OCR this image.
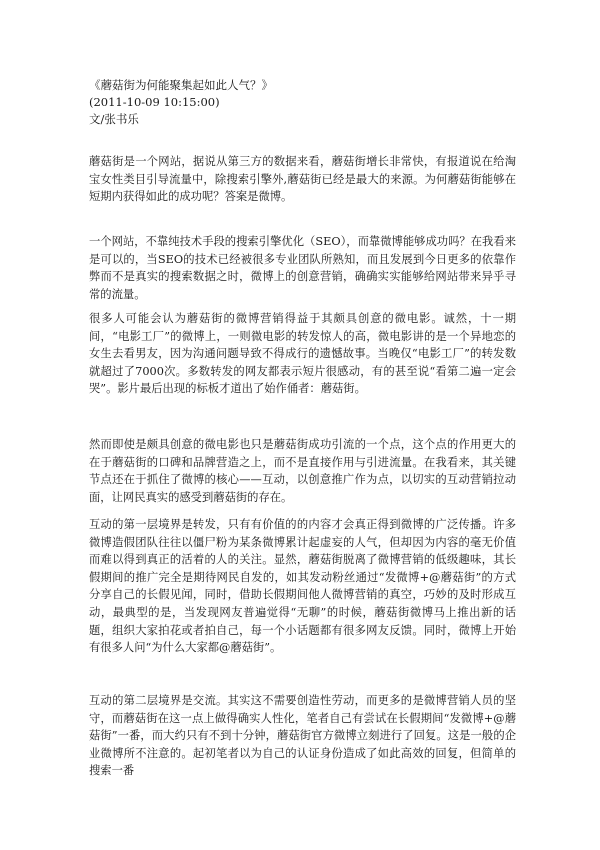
《蘑菇街为何能聚集起如此人气？》
(2011-10-09 10:15:00)
文/张书乐
蘑菇街是一个网站，据说从第三方的数据来看，蘑菇街增长非常快，有报道说在给淘宝女性类目引导流量中，除搜索引擎外,蘑菇街已经是最大的来源。为何蘑菇街能够在短期内获得如此的成功呢？答案是微博。
一个网站，不靠纯技术手段的搜索引擎优化（SEO），而靠微博能够成功吗？在我看来是可以的，当SEO的技术已经被很多专业团队所熟知，而且发展到今日更多的依靠作弊而不是真实的搜索数据之时，微博上的创意营销，确确实实能够给网站带来异乎寻常的流量。
很多人可能会认为蘑菇街的微博营销得益于其颇具创意的微电影。诚然，十一期间，“电影工厂”的微博上，一则微电影的转发惊人的高，微电影讲的是一个异地恋的女生去看男友，因为沟通问题导致不得成行的遗憾故事。当晚仅“电影工厂”的转发数就超过了7000次。多数转发的网友都表示短片很感动，有的甚至说“看第二遍一定会哭”。影片最后出现的标板才道出了始作俑者：蘑菇街。
然而即使是颇具创意的微电影也只是蘑菇街成功引流的一个点，这个点的作用更大的在于蘑菇街的口碑和品牌营造之上，而不是直接作用与引进流量。在我看来，其关键节点还在于抓住了微博的核心——互动，以创意推广作为点，以切实的互动营销拉动面，让网民真实的感受到蘑菇街的存在。
互动的第一层境界是转发，只有有价值的的内容才会真正得到微博的广泛传播。许多微博造假团队往往以僵尸粉为某条微博累计起虚妄的人气，但却因为内容的毫无价值而难以得到真正的活着的人的关注。显然，蘑菇街脱离了微博营销的低级趣味，其长假期间的推广完全是期待网民自发的，如其发动粉丝通过“发微博+@蘑菇街”的方式分享自己的长假见闻，同时，借助长假期间他人微博营销的真空，巧妙的及时形成互动，最典型的是，当发现网友普遍觉得“无聊”的时候，蘑菇街微博马上推出新的话题，组织大家拍花或者拍自己，每一个小话题都有很多网友反馈。同时，微博上开始有很多人问“为什么大家都@蘑菇街”。
互动的第二层境界是交流。其实这不需要创造性劳动，而更多的是微博营销人员的坚守，而蘑菇街在这一点上做得确实人性化，笔者自己有尝试在长假期间“发微博+@蘑菇街”一番，而大约只有不到十分钟，蘑菇街官方微博立刻进行了回复。这是一般的企业微博所不注意的。起初笔者以为自己的认证身份造成了如此高效的回复，但简单的搜索一番
